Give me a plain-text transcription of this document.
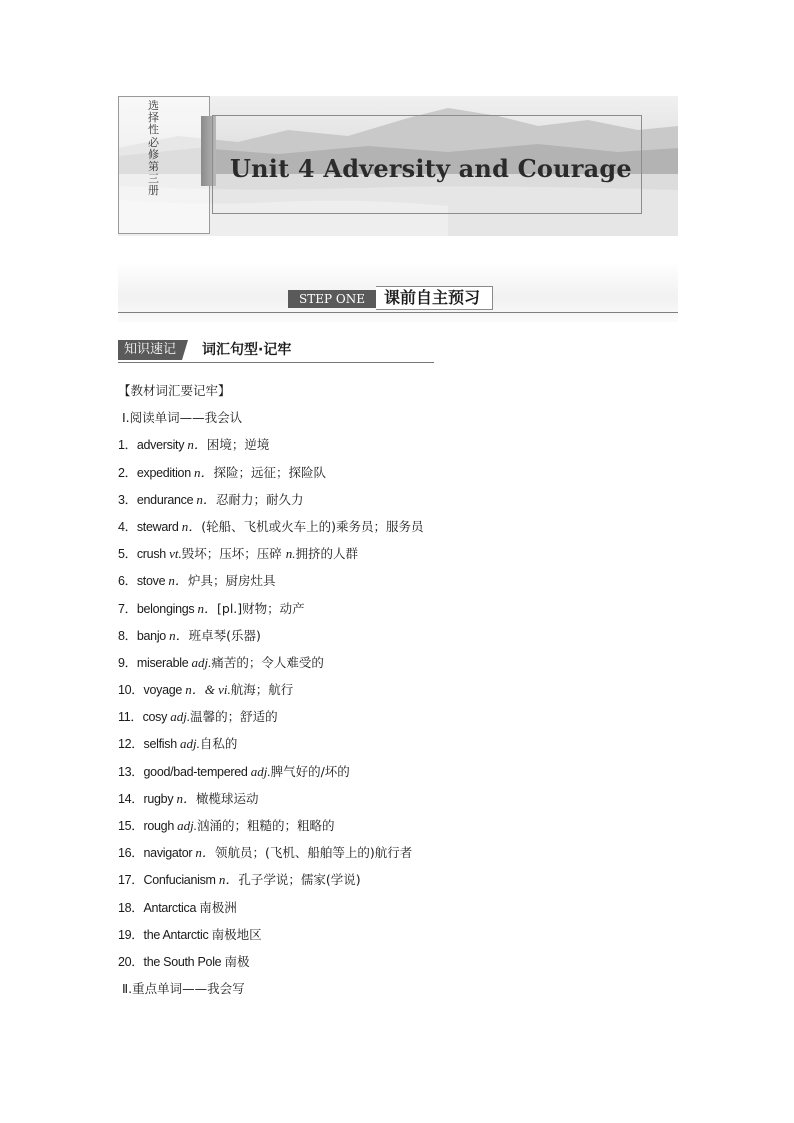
选择性必修第三册
Unit 4 Adversity and Courage
STEP ONE	课前自主预习
知识速记	词汇句型·记牢
【教材词汇要记牢】
Ⅰ.阅读单词——我会认
1．adversity n．困境；逆境
2．expedition n．探险；远征；探险队
3．endurance n．忍耐力；耐久力
4．steward n．(轮船、飞机或火车上的)乘务员；服务员
5．crush vt.毁坏；压坏；压碎 n.拥挤的人群
6．stove n．炉具；厨房灶具
7．belongings n．[pl.]财物；动产
8．banjo n．班卓琴(乐器)
9．miserable adj.痛苦的；令人难受的
10．voyage n．& vi.航海；航行
11．cosy adj.温馨的；舒适的
12．selfish adj.自私的
13．good/bad-tempered adj.脾气好的/坏的
14．rugby n．橄榄球运动
15．rough adj.汹涌的；粗糙的；粗略的
16．navigator n．领航员；(飞机、船舶等上的)航行者
17．Confucianism n．孔子学说；儒家(学说)
18．Antarctica 南极洲
19．the Antarctic 南极地区
20．the South Pole 南极
Ⅱ.重点单词——我会写
